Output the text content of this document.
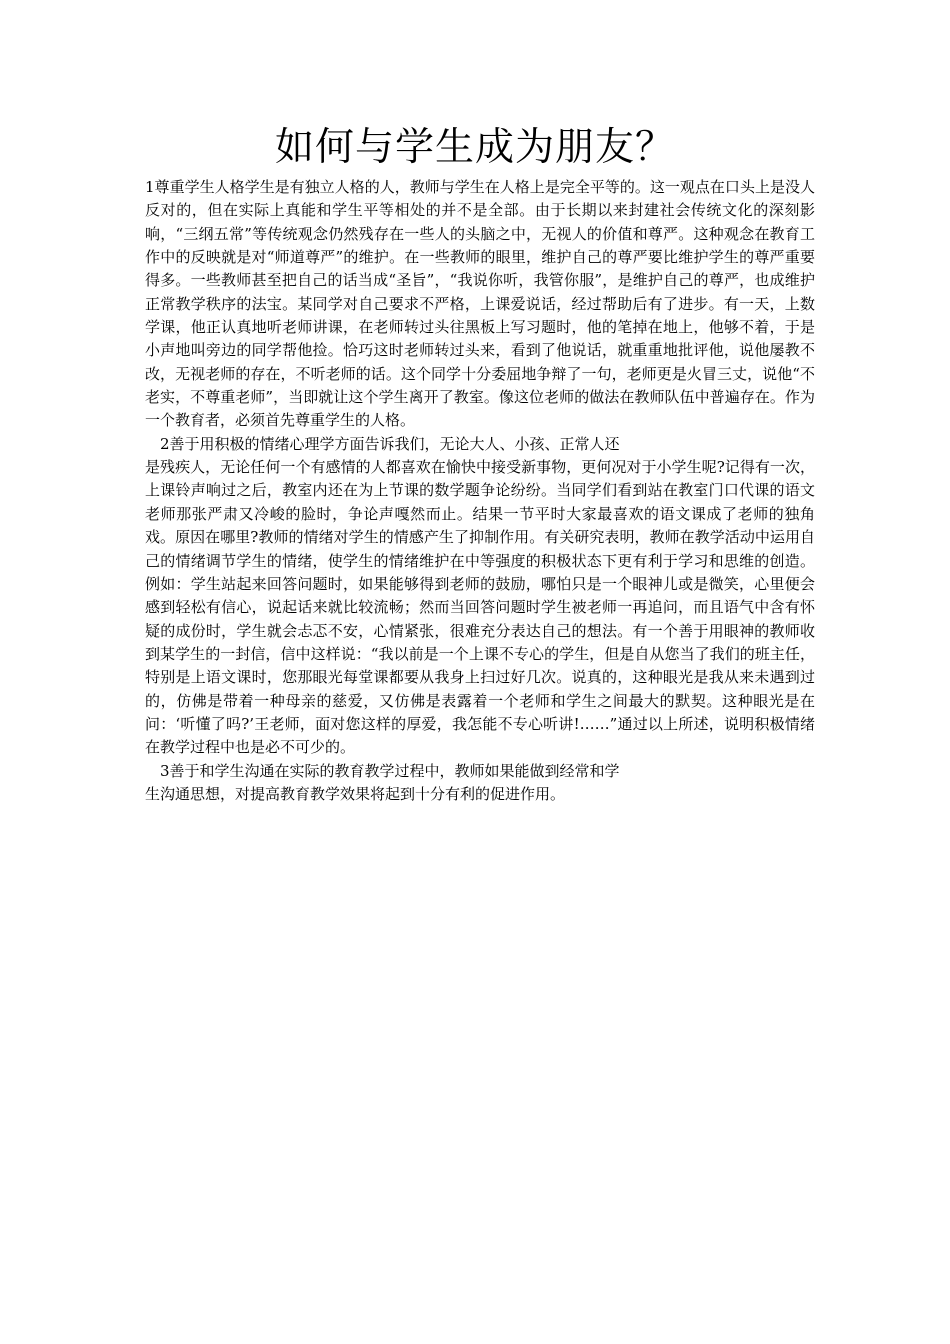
如何与学生成为朋友？

1尊重学生人格学生是有独立人格的人，教师与学生在人格上是完全平等的。这一观点在口头上是没人反对的，但在实际上真能和学生平等相处的并不是全部。由于长期以来封建社会传统文化的深刻影响，“三纲五常”等传统观念仍然残存在一些人的头脑之中，无视人的价值和尊严。这种观念在教育工作中的反映就是对“师道尊严”的维护。在一些教师的眼里，维护自己的尊严要比维护学生的尊严重要得多。一些教师甚至把自己的话当成“圣旨”，“我说你听，我管你服”，是维护自己的尊严，也成维护正常教学秩序的法宝。某同学对自己要求不严格，上课爱说话，经过帮助后有了进步。有一天，上数学课，他正认真地听老师讲课，在老师转过头往黑板上写习题时，他的笔掉在地上，他够不着，于是小声地叫旁边的同学帮他捡。恰巧这时老师转过头来，看到了他说话，就重重地批评他，说他屡教不改，无视老师的存在，不听老师的话。这个同学十分委屈地争辩了一句，老师更是火冒三丈，说他“不老实，不尊重老师”，当即就让这个学生离开了教室。像这位老师的做法在教师队伍中普遍存在。作为一个教育者，必须首先尊重学生的人格。

2善于用积极的情绪心理学方面告诉我们，无论大人、小孩、正常人还

是残疾人，无论任何一个有感情的人都喜欢在愉快中接受新事物，更何况对于小学生呢?记得有一次，上课铃声响过之后，教室内还在为上节课的数学题争论纷纷。当同学们看到站在教室门口代课的语文老师那张严肃又冷峻的脸时，争论声嘎然而止。结果一节平时大家最喜欢的语文课成了老师的独角戏。原因在哪里?教师的情绪对学生的情感产生了抑制作用。有关研究表明，教师在教学活动中运用自己的情绪调节学生的情绪，使学生的情绪维护在中等强度的积极状态下更有利于学习和思维的创造。例如：学生站起来回答问题时，如果能够得到老师的鼓励，哪怕只是一个眼神儿或是微笑，心里便会感到轻松有信心，说起话来就比较流畅；然而当回答问题时学生被老师一再追问，而且语气中含有怀疑的成份时，学生就会忐忑不安，心情紧张，很难充分表达自己的想法。有一个善于用眼神的教师收到某学生的一封信，信中这样说：“我以前是一个上课不专心的学生，但是自从您当了我们的班主任，特别是上语文课时，您那眼光每堂课都要从我身上扫过好几次。说真的，这种眼光是我从来未遇到过的，仿佛是带着一种母亲的慈爱，又仿佛是表露着一个老师和学生之间最大的默契。这种眼光是在问：‘听懂了吗?’王老师，面对您这样的厚爱，我怎能不专心听讲!……”通过以上所述，说明积极情绪在教学过程中也是必不可少的。

3善于和学生沟通在实际的教育教学过程中，教师如果能做到经常和学

生沟通思想，对提高教育教学效果将起到十分有利的促进作用。
